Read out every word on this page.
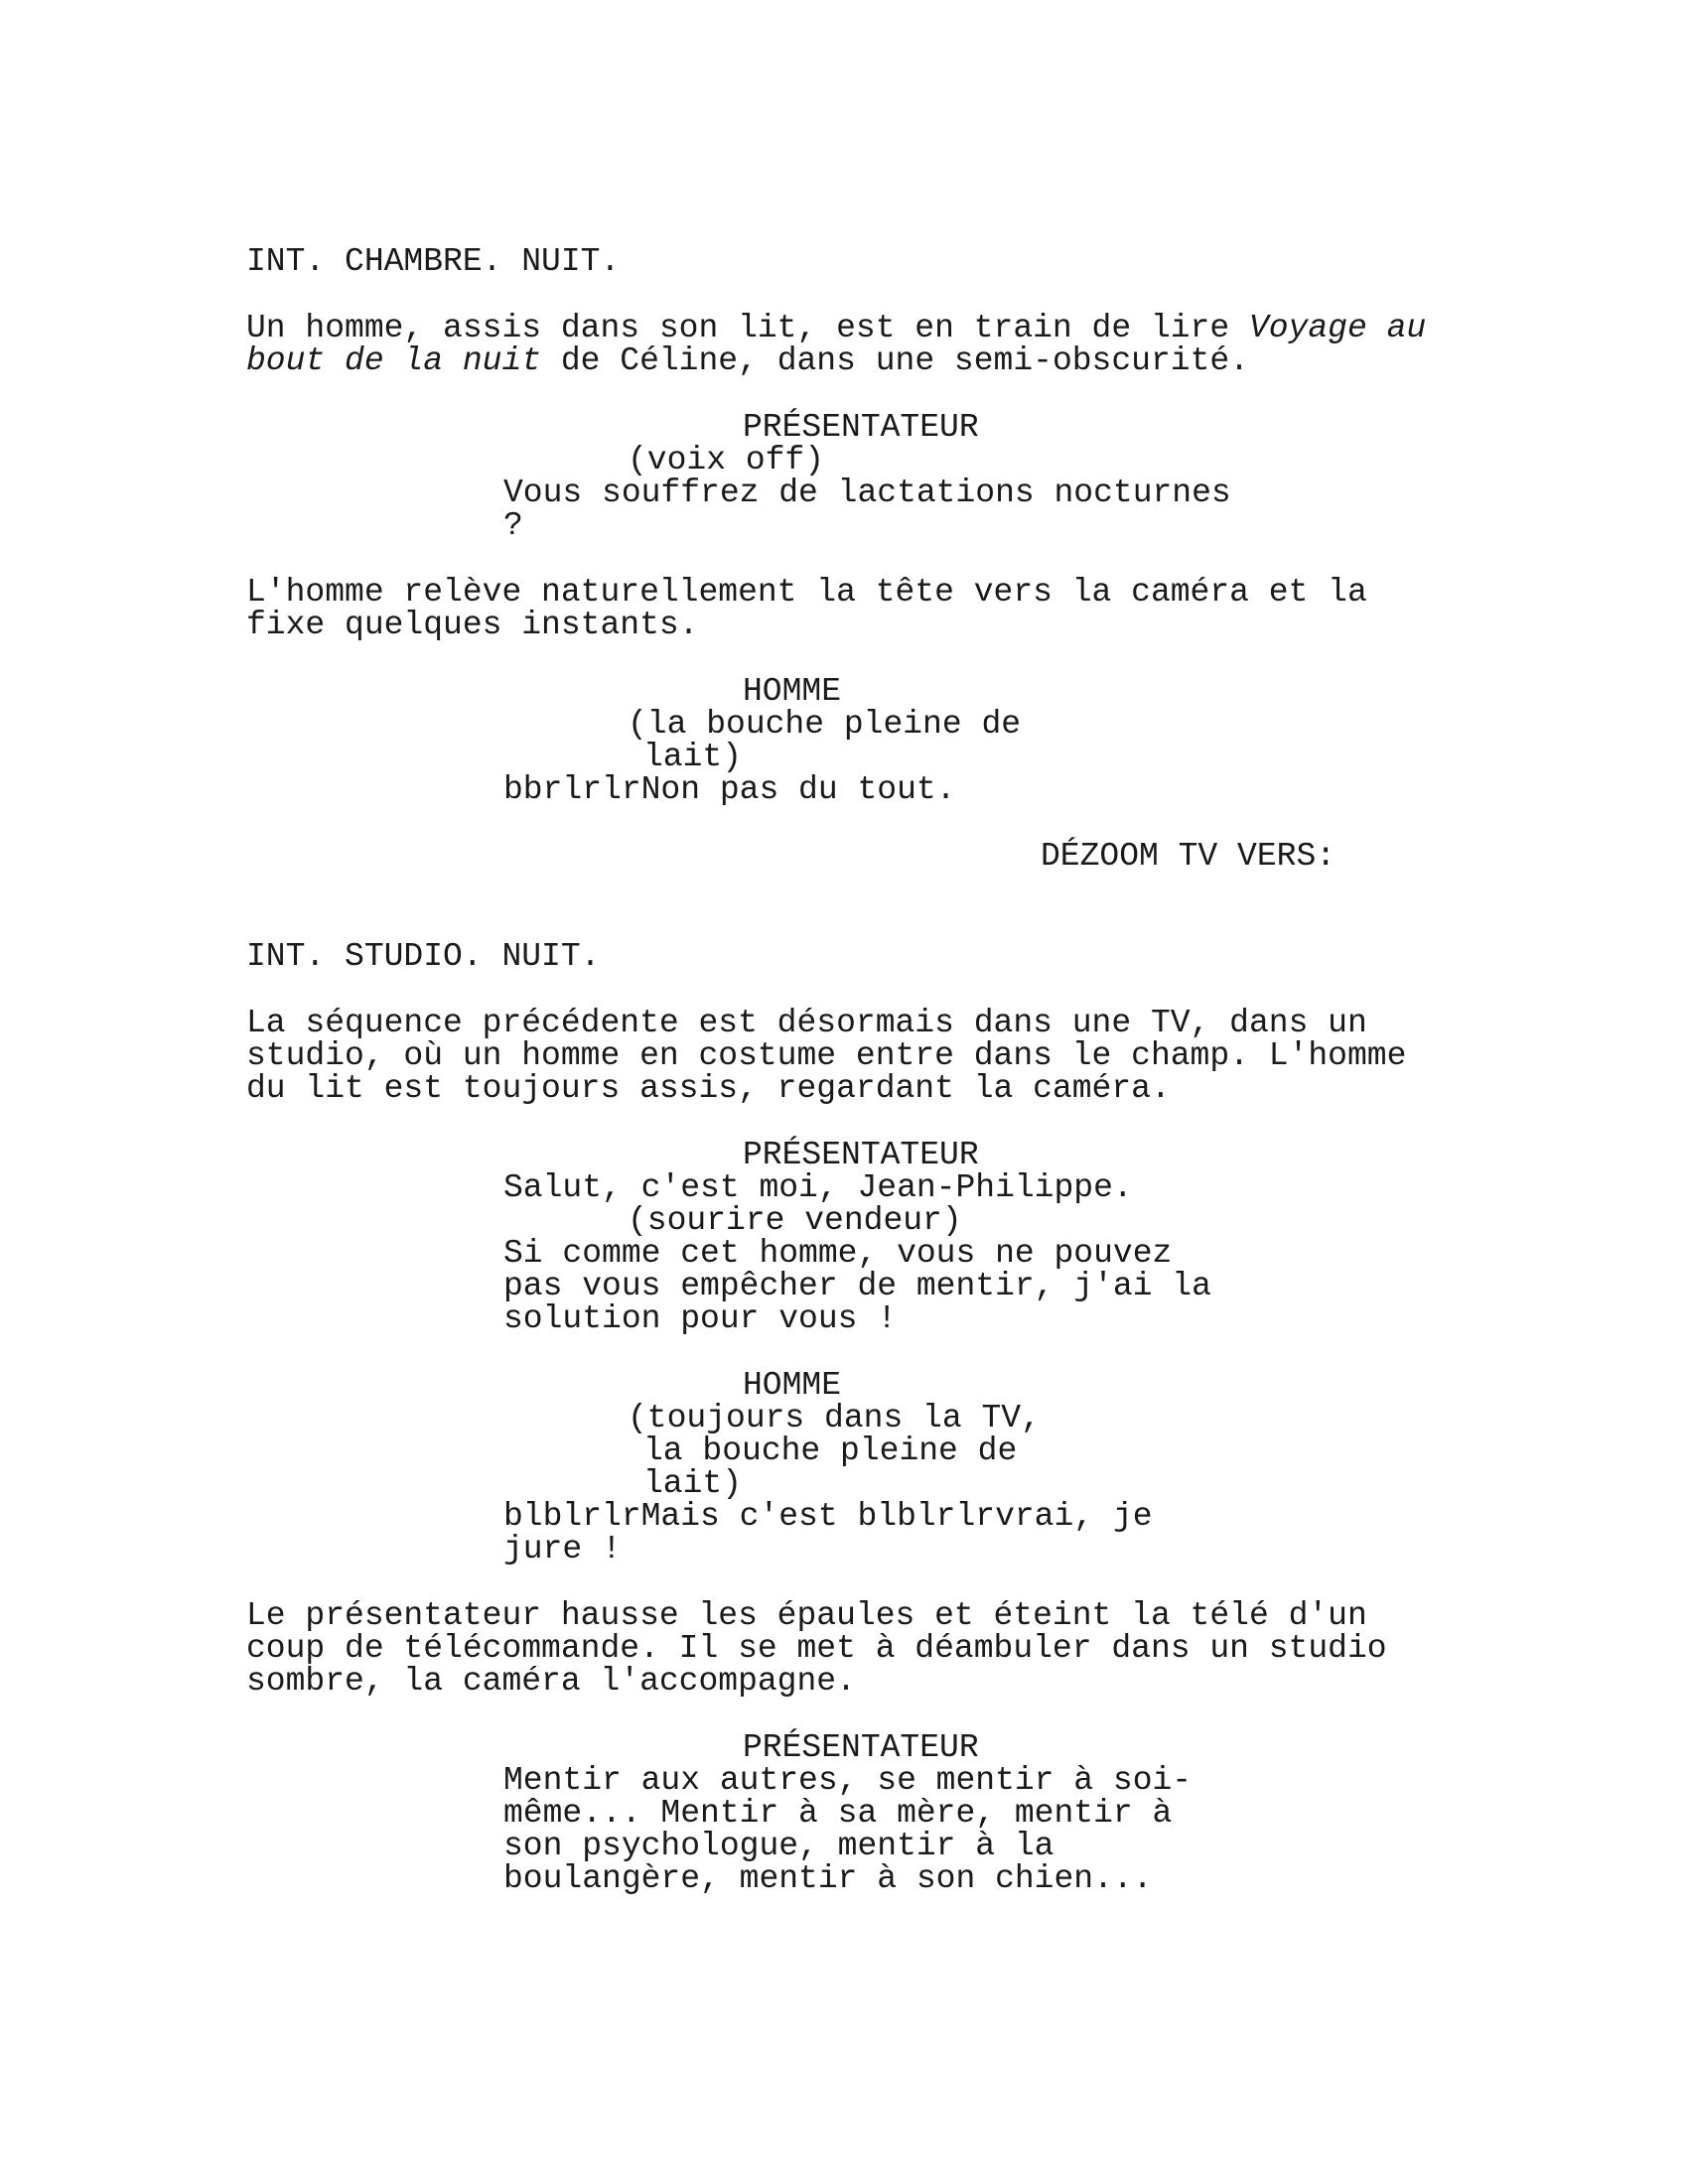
INT. CHAMBRE. NUIT.

Un homme, assis dans son lit, est en train de lire Voyage au

bout de la nuit de Céline, dans une semi-obscurité.

PRÉSENTATEUR

(voix off)

Vous souffrez de lactations nocturnes

?

L'homme relève naturellement la tête vers la caméra et la

fixe quelques instants.

HOMME

(la bouche pleine de

lait)

bbrlrlrNon pas du tout.

DÉZOOM TV VERS:

INT. STUDIO. NUIT.

La séquence précédente est désormais dans une TV, dans un

studio, où un homme en costume entre dans le champ. L'homme

du lit est toujours assis, regardant la caméra.

PRÉSENTATEUR

Salut, c'est moi, Jean-Philippe.

(sourire vendeur)

Si comme cet homme, vous ne pouvez

pas vous empêcher de mentir, j'ai la

solution pour vous !

HOMME

(toujours dans la TV,

la bouche pleine de

lait)

blblrlrMais c'est blblrlrvrai, je

jure !

Le présentateur hausse les épaules et éteint la télé d'un

coup de télécommande. Il se met à déambuler dans un studio

sombre, la caméra l'accompagne.

PRÉSENTATEUR

Mentir aux autres, se mentir à soi-

même... Mentir à sa mère, mentir à

son psychologue, mentir à la

boulangère, mentir à son chien...
